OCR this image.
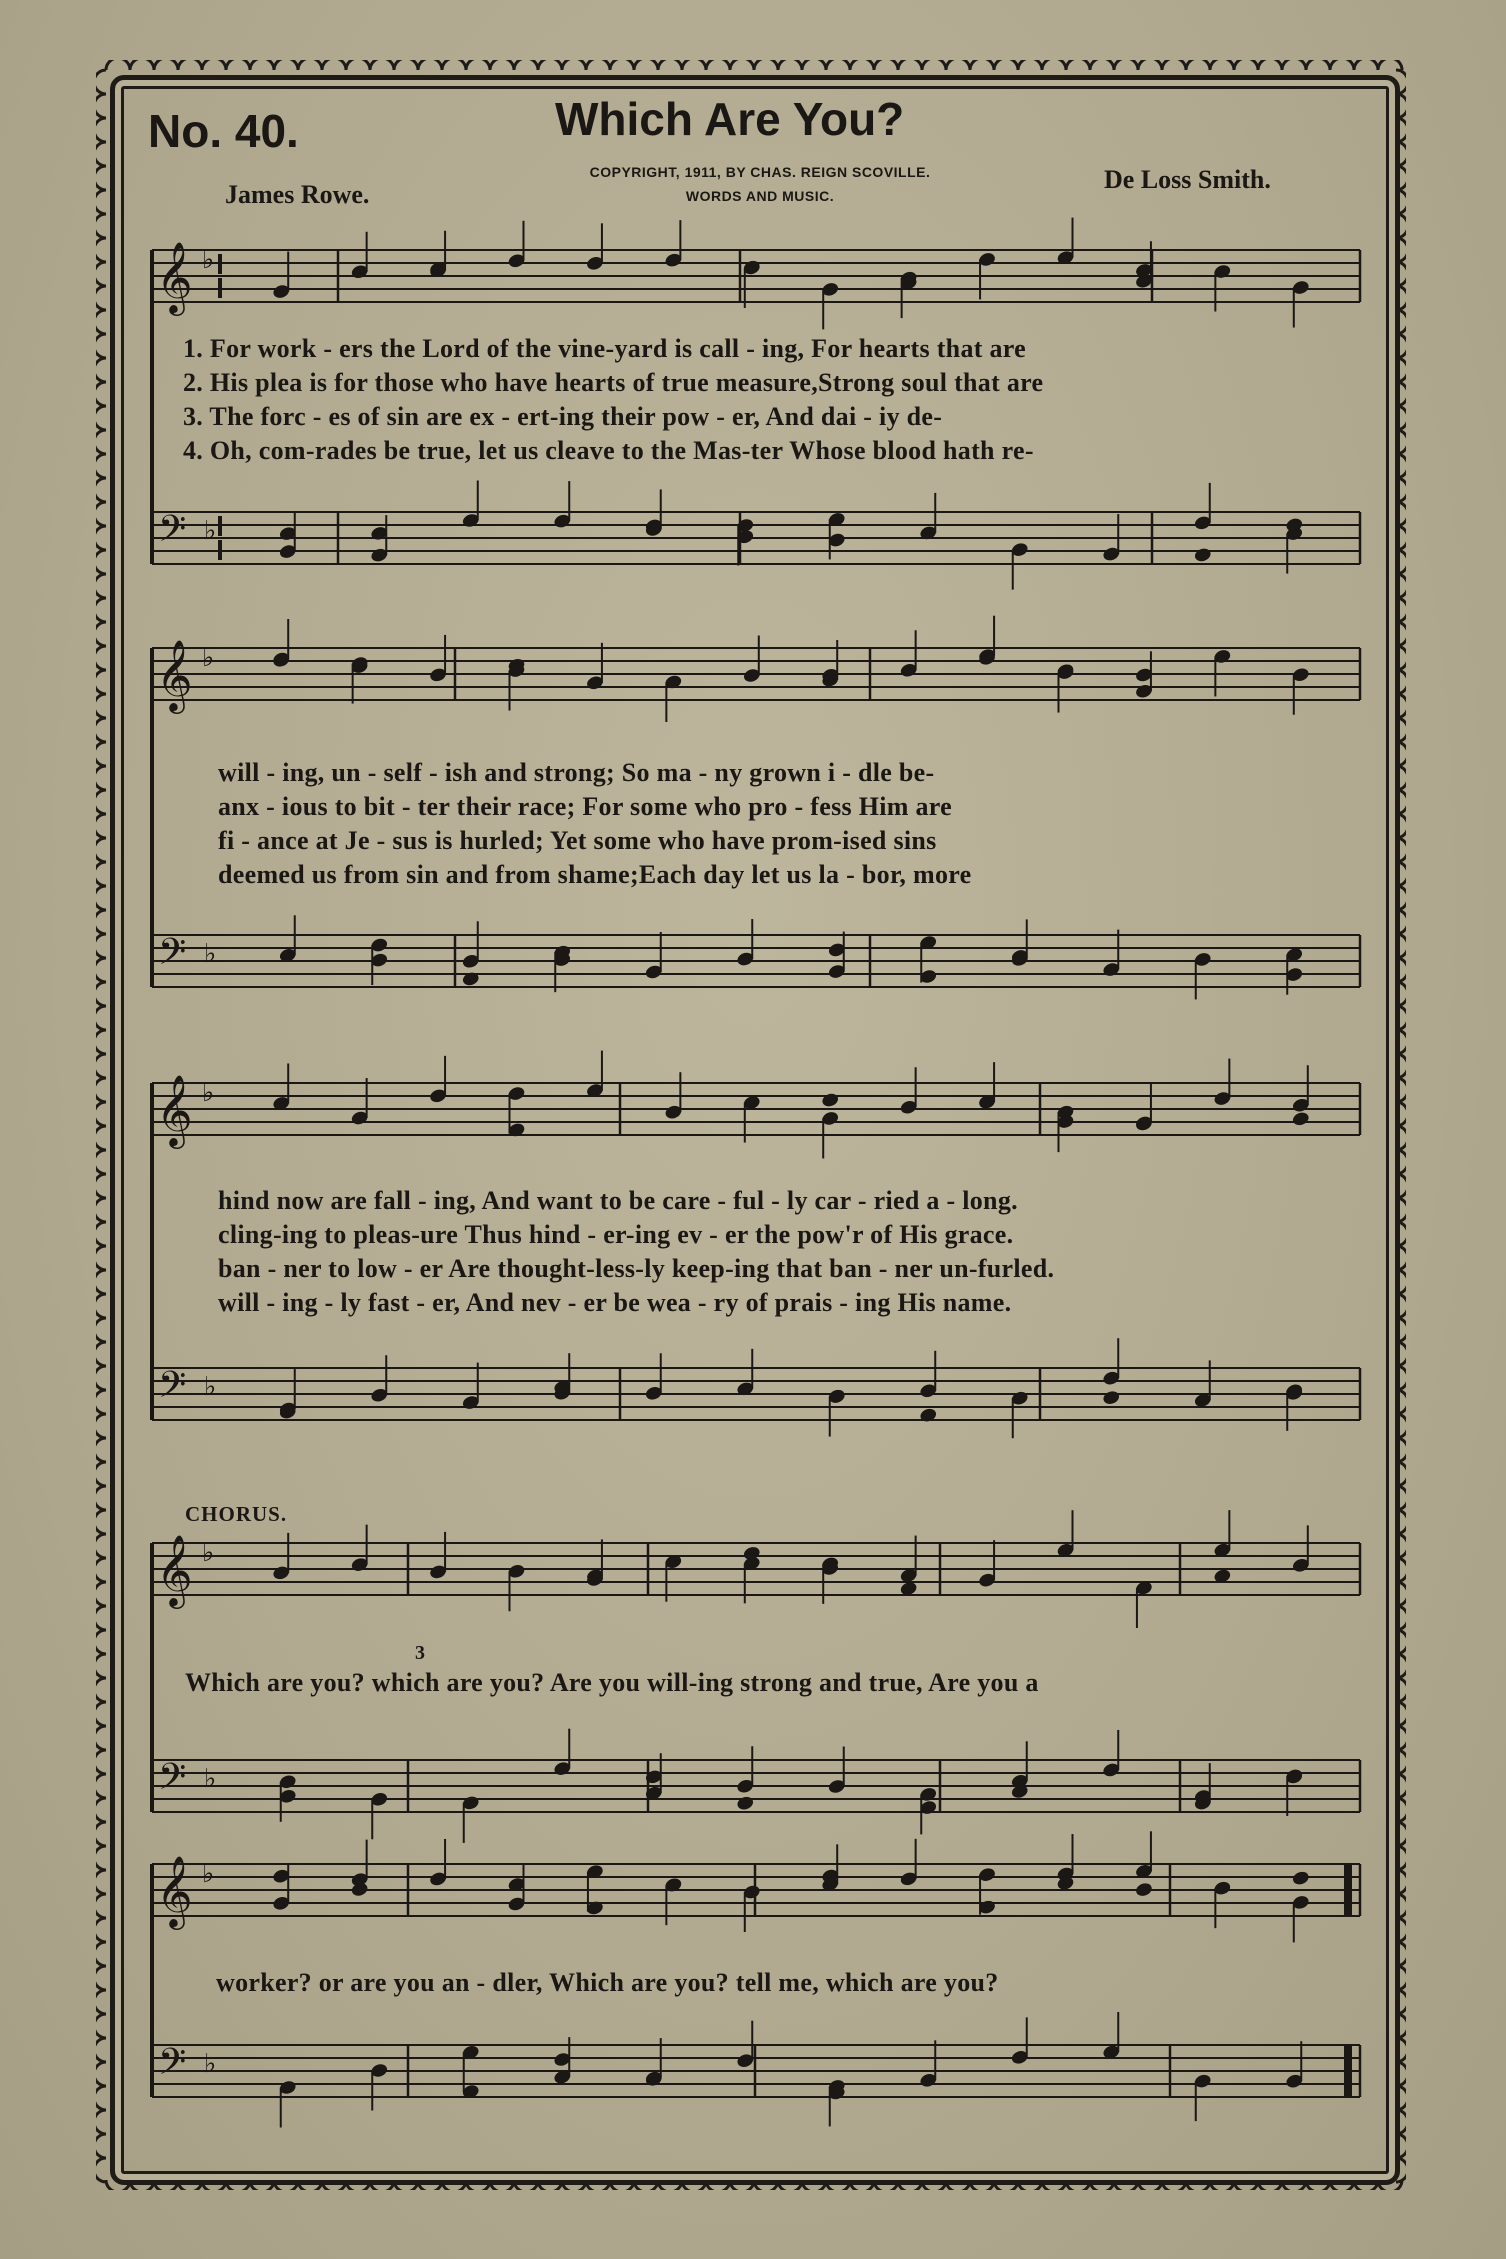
No. 40.	Which Are You?
COPYRIGHT, 1911, BY CHAS. REIGN SCOVILLE.
WORDS AND MUSIC.
James Rowe.
De Loss Smith.
𝄞 ♭
𝄢 ♭
𝄞 ♭
𝄢 ♭
𝄞 ♭
𝄢 ♭
𝄞 ♭
𝄢 ♭
𝄞 ♭
𝄢 ♭
1. For work - ers the Lord of the vine-yard is call - ing, For hearts that are
2. His plea is for those who have hearts of true measure,Strong soul that are
3. The forc - es of sin are ex - ert-ing their pow - er, And dai - iy de-
4. Oh, com-rades be true, let us cleave to the Mas-ter Whose blood hath re-
will - ing, un - self - ish and strong; So ma - ny grown i - dle be-
anx - ious to bit - ter their race; For some who pro - fess Him are
fi - ance at Je - sus is hurled; Yet some who have prom-ised sins
deemed us from sin and from shame;Each day let us la - bor, more
hind now are fall - ing, And want to be care - ful - ly car - ried a - long.
cling-ing to pleas-ure Thus hind - er-ing ev - er the pow'r of His grace.
ban - ner to low - er Are thought-less-ly keep-ing that ban - ner un-furled.
will - ing - ly fast - er, And nev - er be wea - ry of prais - ing His name.
CHORUS.
Which are you? which are you? Are you will-ing strong and true, Are you a
3
worker? or are you an - dler, Which are you? tell me, which are you?
